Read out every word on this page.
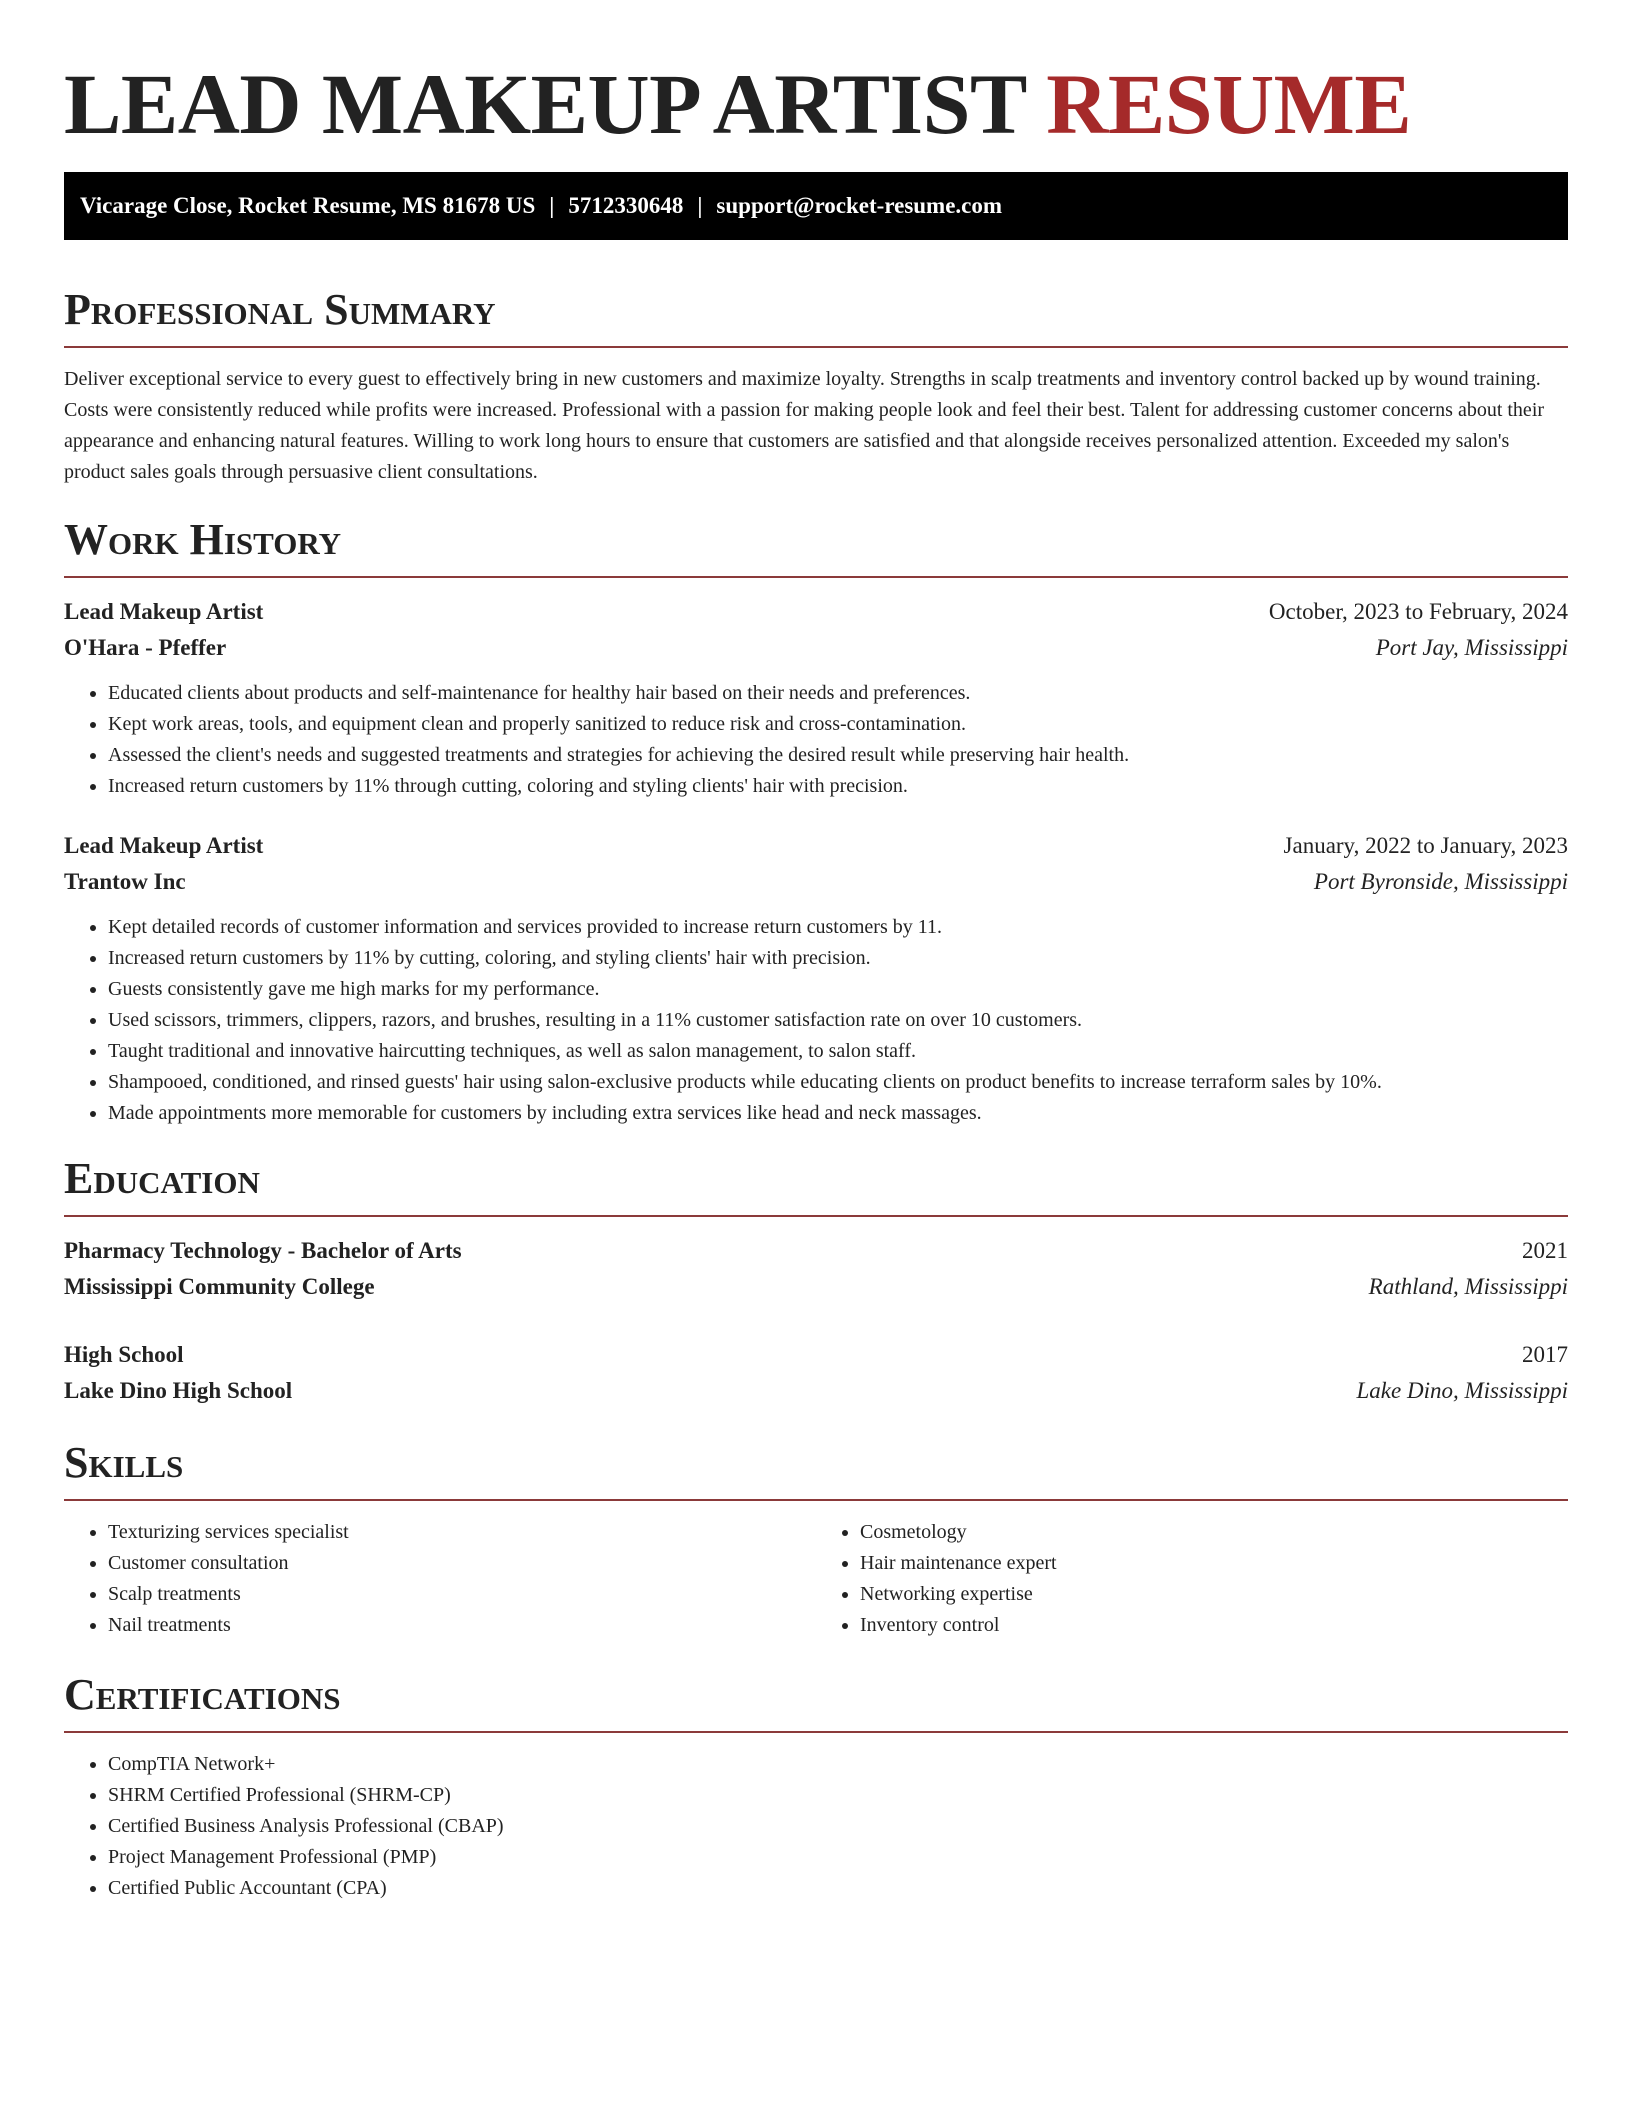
LEAD MAKEUP ARTIST RESUME
Vicarage Close, Rocket Resume, MS 81678 US | 5712330648 | support@rocket-resume.com
Professional Summary

Deliver exceptional service to every guest to effectively bring in new customers and maximize loyalty. Strengths in scalp treatments and inventory control backed up by wound training. Costs were consistently reduced while profits were increased. Professional with a passion for making people look and feel their best. Talent for addressing customer concerns about their appearance and enhancing natural features. Willing to work long hours to ensure that customers are satisfied and that alongside receives personalized attention. Exceeded my salon's product sales goals through persuasive client consultations.

Work History
Lead Makeup Artist	October, 2023 to February, 2024
O'Hara - Pfeffer	Port Jay, Mississippi
• Educated clients about products and self-maintenance for healthy hair based on their needs and preferences.
• Kept work areas, tools, and equipment clean and properly sanitized to reduce risk and cross-contamination.
• Assessed the client's needs and suggested treatments and strategies for achieving the desired result while preserving hair health.
• Increased return customers by 11% through cutting, coloring and styling clients' hair with precision.
Lead Makeup Artist	January, 2022 to January, 2023
Trantow Inc	Port Byronside, Mississippi
• Kept detailed records of customer information and services provided to increase return customers by 11.
• Increased return customers by 11% by cutting, coloring, and styling clients' hair with precision.
• Guests consistently gave me high marks for my performance.
• Used scissors, trimmers, clippers, razors, and brushes, resulting in a 11% customer satisfaction rate on over 10 customers.
• Taught traditional and innovative haircutting techniques, as well as salon management, to salon staff.
• Shampooed, conditioned, and rinsed guests' hair using salon-exclusive products while educating clients on product benefits to increase terraform sales by 10%.
• Made appointments more memorable for customers by including extra services like head and neck massages.
Education
Pharmacy Technology - Bachelor of Arts	2021
Mississippi Community College	Rathland, Mississippi
High School	2017
Lake Dino High School	Lake Dino, Mississippi
Skills
• Texturizing services specialist
• Customer consultation
• Scalp treatments
• Nail treatments
• Cosmetology
• Hair maintenance expert
• Networking expertise
• Inventory control
Certifications
• CompTIA Network+
• SHRM Certified Professional (SHRM-CP)
• Certified Business Analysis Professional (CBAP)
• Project Management Professional (PMP)
• Certified Public Accountant (CPA)
